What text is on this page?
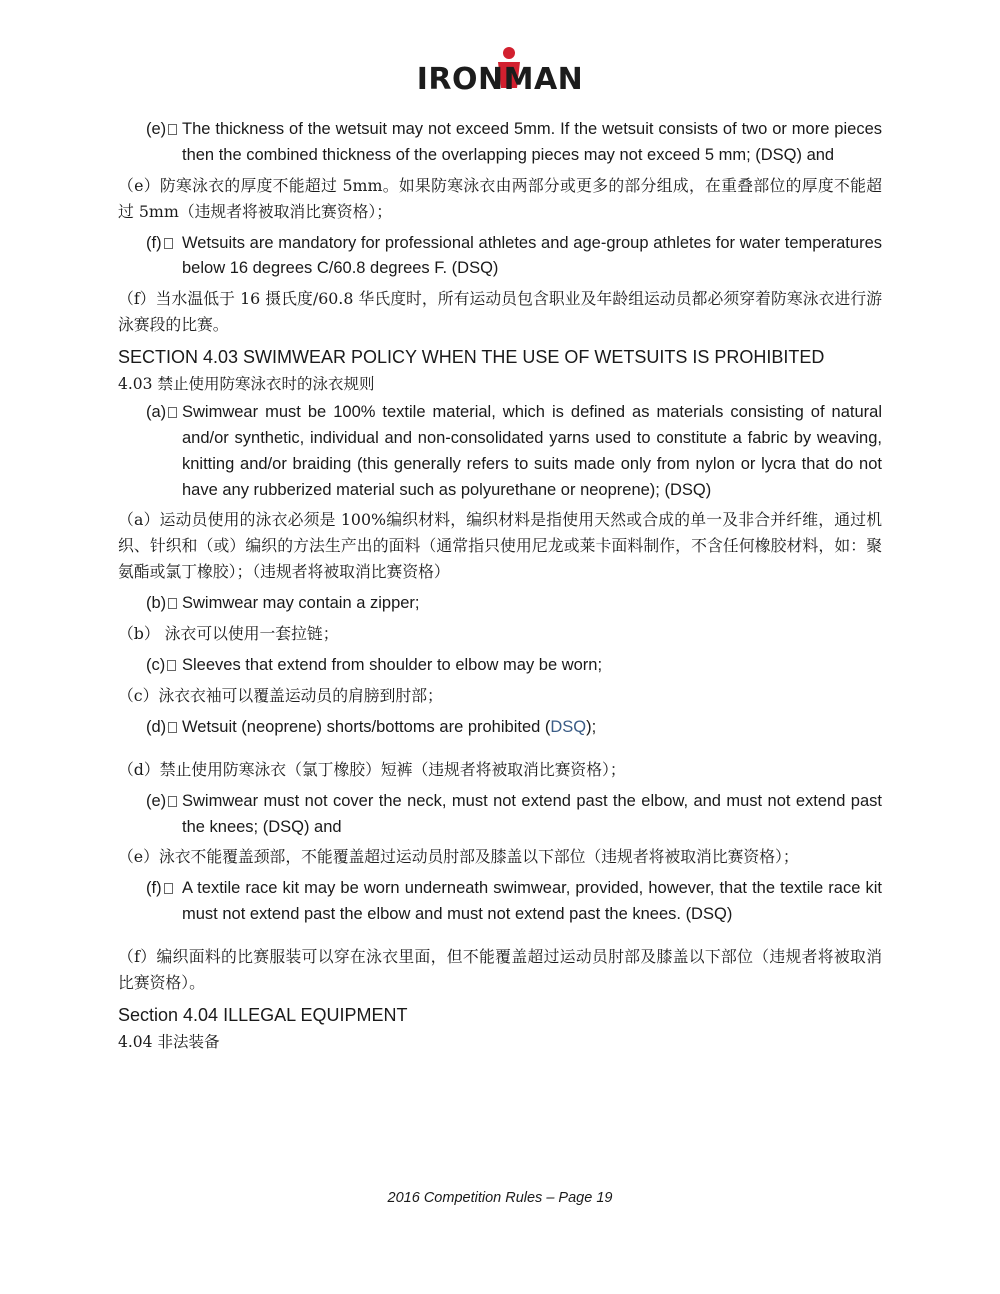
IRONMAN
(e) The thickness of the wetsuit may not exceed 5mm. If the wetsuit consists of two or more pieces then the combined thickness of the overlapping pieces may not exceed 5 mm; (DSQ) and

（e）防寒泳衣的厚度不能超过 5mm。如果防寒泳衣由两部分或更多的部分组成，在重叠部位的厚度不能超过 5mm（违规者将被取消比赛资格）；

(f)	Wetsuits are mandatory for professional athletes and age-group athletes for water temperatures below 16 degrees C/60.8 degrees F. (DSQ)

（f）当水温低于 16 摄氏度/60.8 华氏度时，所有运动员包含职业及年龄组运动员都必须穿着防寒泳衣进行游泳赛段的比赛。

SECTION 4.03 SWIMWEAR POLICY WHEN THE USE OF WETSUITS IS PROHIBITED
4.03 禁止使用防寒泳衣时的泳衣规则
(a) Swimwear must be 100% textile material, which is defined as materials consisting of natural and/or synthetic, individual and non-consolidated yarns used to constitute a fabric by weaving, knitting and/or braiding (this generally refers to suits made only from nylon or lycra that do not have any rubberized material such as polyurethane or neoprene); (DSQ)

（a）运动员使用的泳衣必须是 100%编织材料，编织材料是指使用天然或合成的单一及非合并纤维，通过机织、针织和（或）编织的方法生产出的面料（通常指只使用尼龙或莱卡面料制作，不含任何橡胶材料，如：聚氨酯或氯丁橡胶）；（违规者将被取消比赛资格）

(b) Swimwear may contain a zipper;

（b） 泳衣可以使用一套拉链；

(c)	Sleeves that extend from shoulder to elbow may be worn;

（c）泳衣衣袖可以覆盖运动员的肩膀到肘部；

(d) Wetsuit (neoprene) shorts/bottoms are prohibited (DSQ);

（d）禁止使用防寒泳衣（氯丁橡胶）短裤（违规者将被取消比赛资格）；

(e) Swimwear must not cover the neck, must not extend past the elbow, and must not extend past the knees; (DSQ) and

（e）泳衣不能覆盖颈部，不能覆盖超过运动员肘部及膝盖以下部位（违规者将被取消比赛资格）；

(f)	A textile race kit may be worn underneath swimwear, provided, however, that the textile race kit must not extend past the elbow and must not extend past the knees. (DSQ)

（f）编织面料的比赛服装可以穿在泳衣里面，但不能覆盖超过运动员肘部及膝盖以下部位（违规者将被取消比赛资格）。

Section 4.04 ILLEGAL EQUIPMENT
4.04 非法装备
2016 Competition Rules – Page 19
